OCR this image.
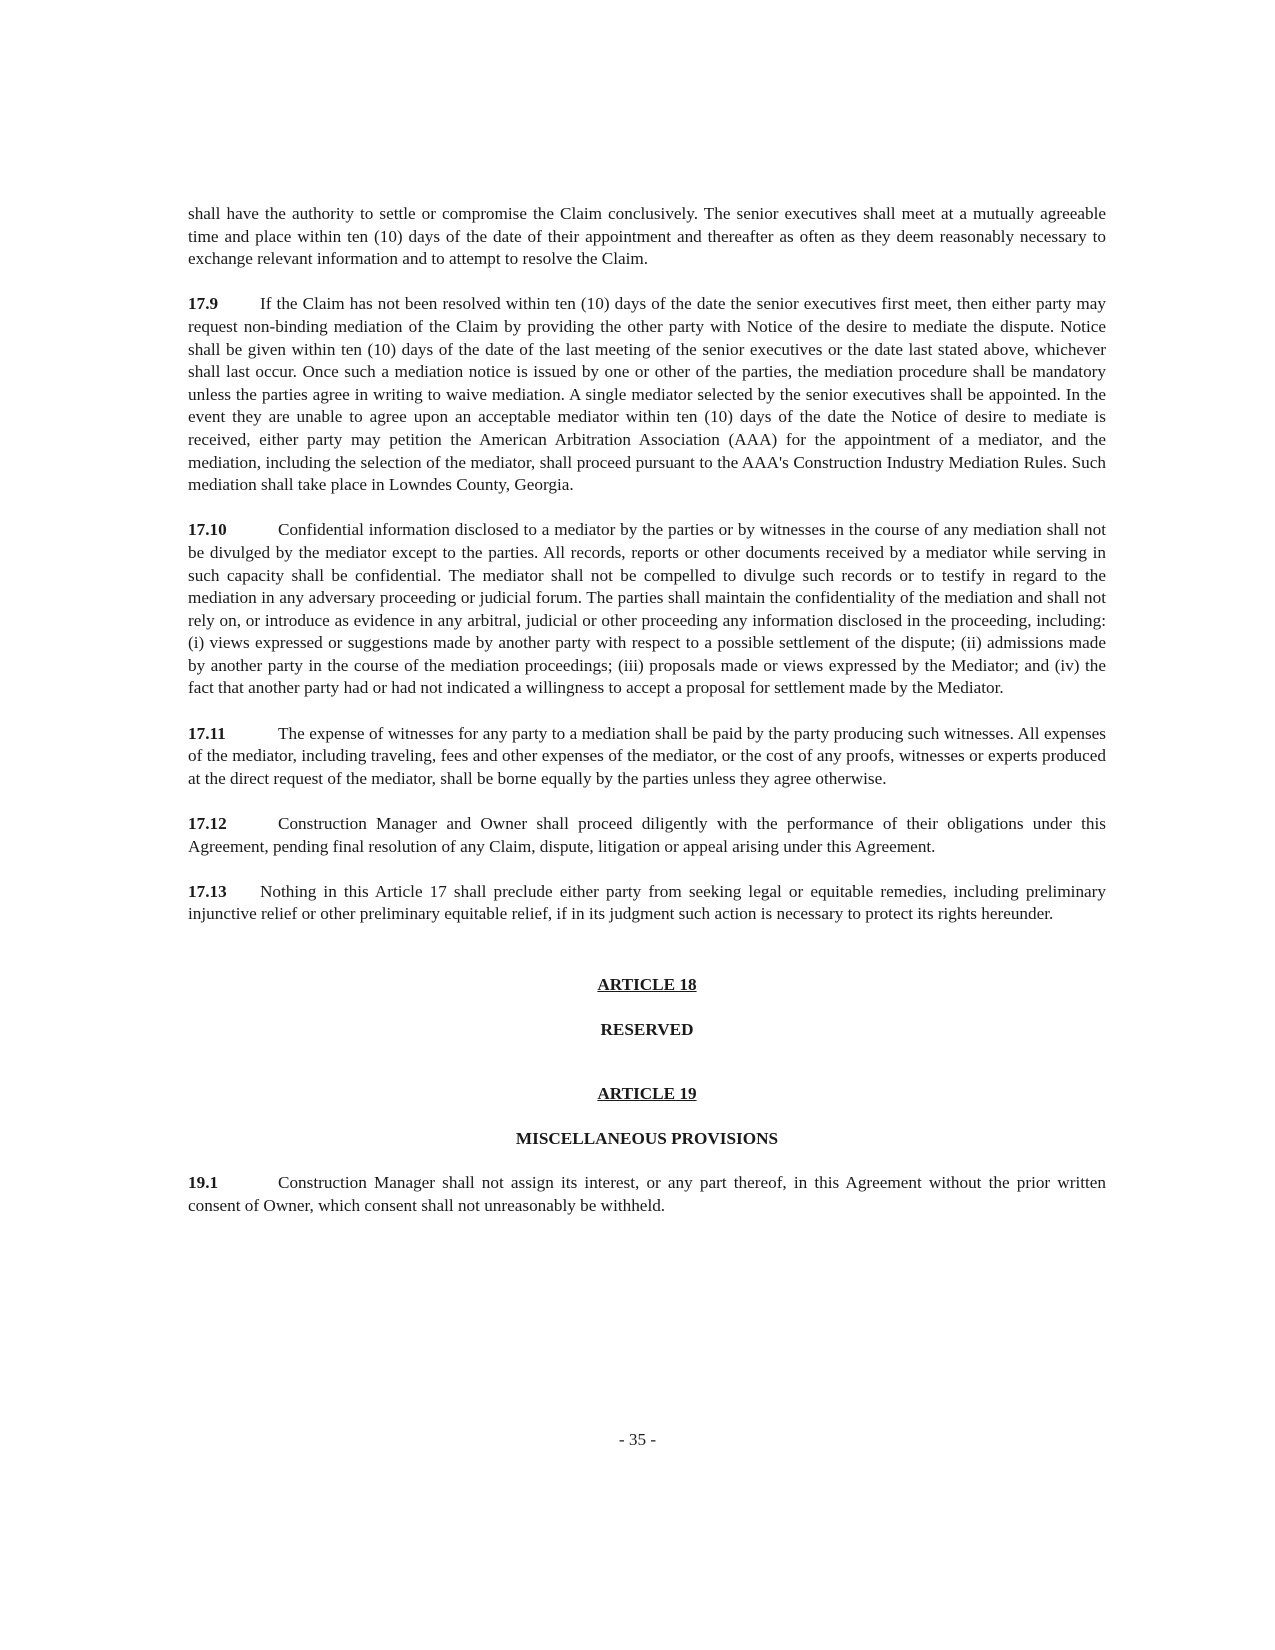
shall have the authority to settle or compromise the Claim conclusively. The senior executives shall meet at a mutually agreeable time and place within ten (10) days of the date of their appointment and thereafter as often as they deem reasonably necessary to exchange relevant information and to attempt to resolve the Claim.

17.9 If the Claim has not been resolved within ten (10) days of the date the senior executives first meet, then either party may request non-binding mediation of the Claim by providing the other party with Notice of the desire to mediate the dispute. Notice shall be given within ten (10) days of the date of the last meeting of the senior executives or the date last stated above, whichever shall last occur. Once such a mediation notice is issued by one or other of the parties, the mediation procedure shall be mandatory unless the parties agree in writing to waive mediation. A single mediator selected by the senior executives shall be appointed. In the event they are unable to agree upon an acceptable mediator within ten (10) days of the date the Notice of desire to mediate is received, either party may petition the American Arbitration Association (AAA) for the appointment of a mediator, and the mediation, including the selection of the mediator, shall proceed pursuant to the AAA's Construction Industry Mediation Rules. Such mediation shall take place in Lowndes County, Georgia.

17.10	Confidential information disclosed to a mediator by the parties or by witnesses in the course of any mediation shall not be divulged by the mediator except to the parties. All records, reports or other documents received by a mediator while serving in such capacity shall be confidential. The mediator shall not be compelled to divulge such records or to testify in regard to the mediation in any adversary proceeding or judicial forum. The parties shall maintain the confidentiality of the mediation and shall not rely on, or introduce as evidence in any arbitral, judicial or other proceeding any information disclosed in the proceeding, including: (i) views expressed or suggestions made by another party with respect to a possible settlement of the dispute; (ii) admissions made by another party in the course of the mediation proceedings; (iii) proposals made or views expressed by the Mediator; and (iv) the fact that another party had or had not indicated a willingness to accept a proposal for settlement made by the Mediator.

17.11	The expense of witnesses for any party to a mediation shall be paid by the party producing such witnesses. All expenses of the mediator, including traveling, fees and other expenses of the mediator, or the cost of any proofs, witnesses or experts produced at the direct request of the mediator, shall be borne equally by the parties unless they agree otherwise.

17.12	Construction Manager and Owner shall proceed diligently with the performance of their obligations under this Agreement, pending final resolution of any Claim, dispute, litigation or appeal arising under this Agreement.

17.13 Nothing in this Article 17 shall preclude either party from seeking legal or equitable remedies, including preliminary injunctive relief or other preliminary equitable relief, if in its judgment such action is necessary to protect its rights hereunder.

ARTICLE 18

RESERVED

ARTICLE 19

MISCELLANEOUS PROVISIONS

19.1	Construction Manager shall not assign its interest, or any part thereof, in this Agreement without the prior written consent of Owner, which consent shall not unreasonably be withheld.

- 35 -
